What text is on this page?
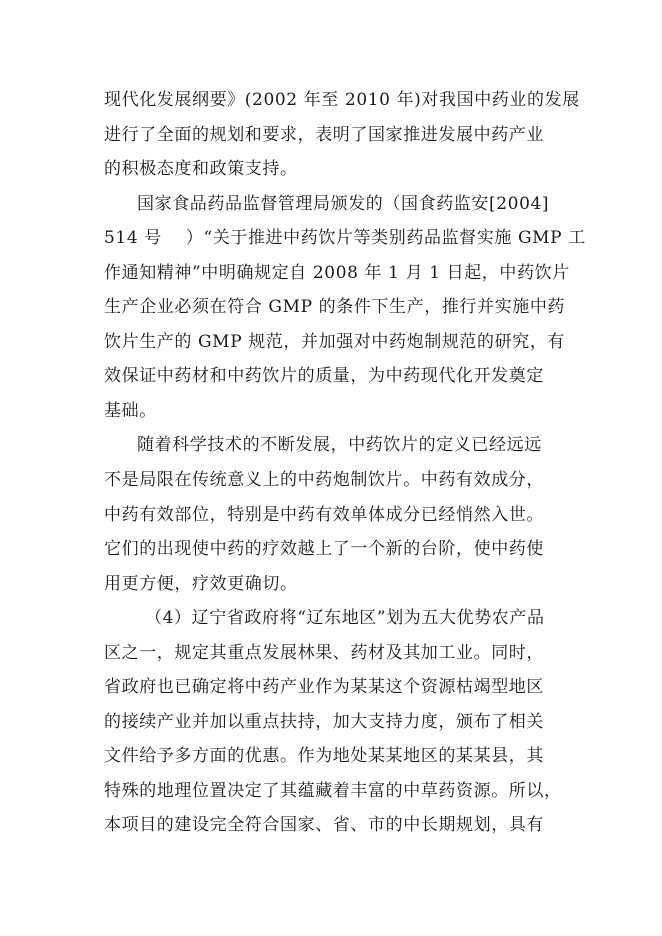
现代化发展纲要》(2002 年至 2010 年)对我国中药业的发展
进行了全面的规划和要求，表明了国家推进发展中药产业
的积极态度和政策支持。
国家食品药品监督管理局颁发的（国食药监安[2004]
514 号    ）“关于推进中药饮片等类别药品监督实施 GMP 工
作通知精神”中明确规定自 2008 年 1 月 1 日起，中药饮片
生产企业必须在符合 GMP 的条件下生产，推行并实施中药
饮片生产的 GMP 规范，并加强对中药炮制规范的研究，有
效保证中药材和中药饮片的质量，为中药现代化开发奠定
基础。
随着科学技术的不断发展，中药饮片的定义已经远远
不是局限在传统意义上的中药炮制饮片。中药有效成分，
中药有效部位，特别是中药有效单体成分已经悄然入世。
它们的出现使中药的疗效越上了一个新的台阶，使中药使
用更方便，疗效更确切。
（4）辽宁省政府将“辽东地区”划为五大优势农产品
区之一，规定其重点发展林果、药材及其加工业。同时，
省政府也已确定将中药产业作为某某这个资源枯竭型地区
的接续产业并加以重点扶持，加大支持力度，颁布了相关
文件给予多方面的优惠。作为地处某某地区的某某县，其
特殊的地理位置决定了其蕴藏着丰富的中草药资源。所以，
本项目的建设完全符合国家、省、市的中长期规划，具有
